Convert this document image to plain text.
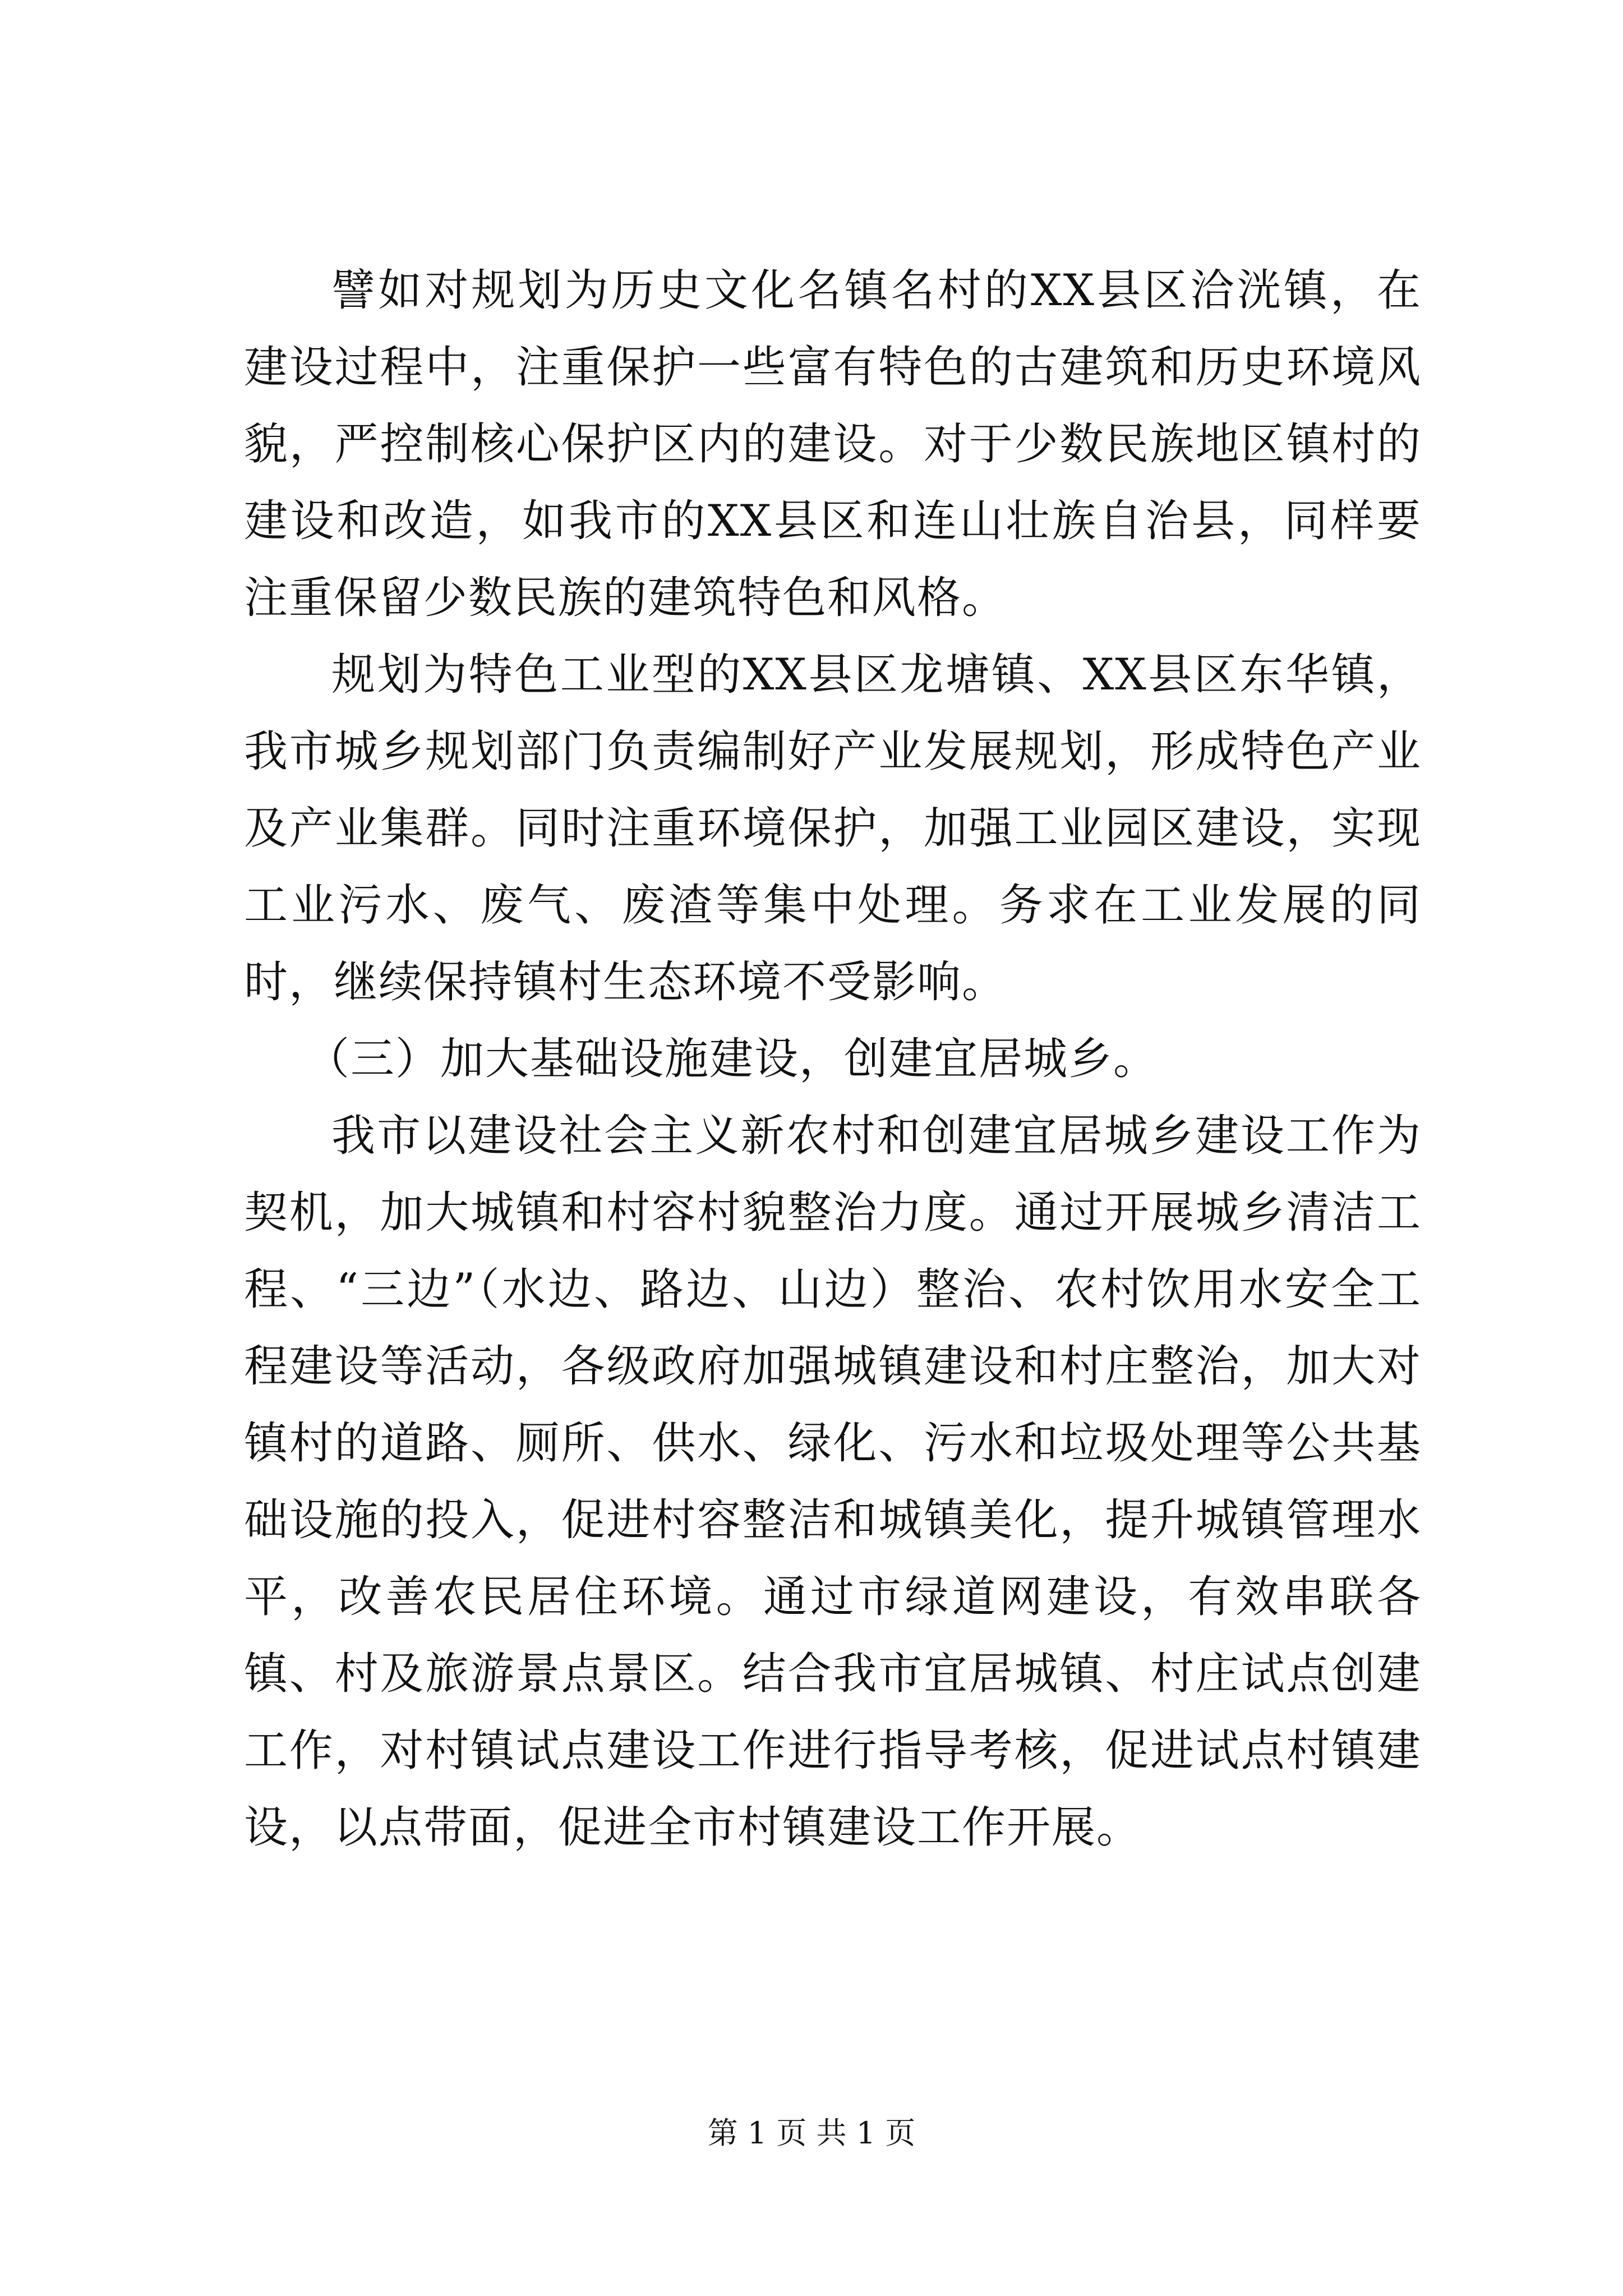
譬如对规划为历史文化名镇名村的XX县区洽洸镇，在建设过程中，注重保护一些富有特色的古建筑和历史环境风貌，严控制核心保护区内的建设。对于少数民族地区镇村的建设和改造，如我市的XX县区和连山壮族自治县，同样要注重保留少数民族的建筑特色和风格。

规划为特色工业型的XX县区龙塘镇、XX县区东华镇，我市城乡规划部门负责编制好产业发展规划，形成特色产业及产业集群。同时注重环境保护，加强工业园区建设，实现工业污水、废气、废渣等集中处理。务求在工业发展的同时，继续保持镇村生态环境不受影响。

（三）加大基础设施建设，创建宜居城乡。

我市以建设社会主义新农村和创建宜居城乡建设工作为契机，加大城镇和村容村貌整治力度。通过开展城乡清洁工程、“三边”（水边、路边、山边）整治、农村饮用水安全工程建设等活动，各级政府加强城镇建设和村庄整治，加大对镇村的道路、厕所、供水、绿化、污水和垃圾处理等公共基础设施的投入，促进村容整洁和城镇美化，提升城镇管理水平，改善农民居住环境。通过市绿道网建设，有效串联各镇、村及旅游景点景区。结合我市宜居城镇、村庄试点创建工作，对村镇试点建设工作进行指导考核，促进试点村镇建设，以点带面，促进全市村镇建设工作开展。

第 1 页 共 1 页
